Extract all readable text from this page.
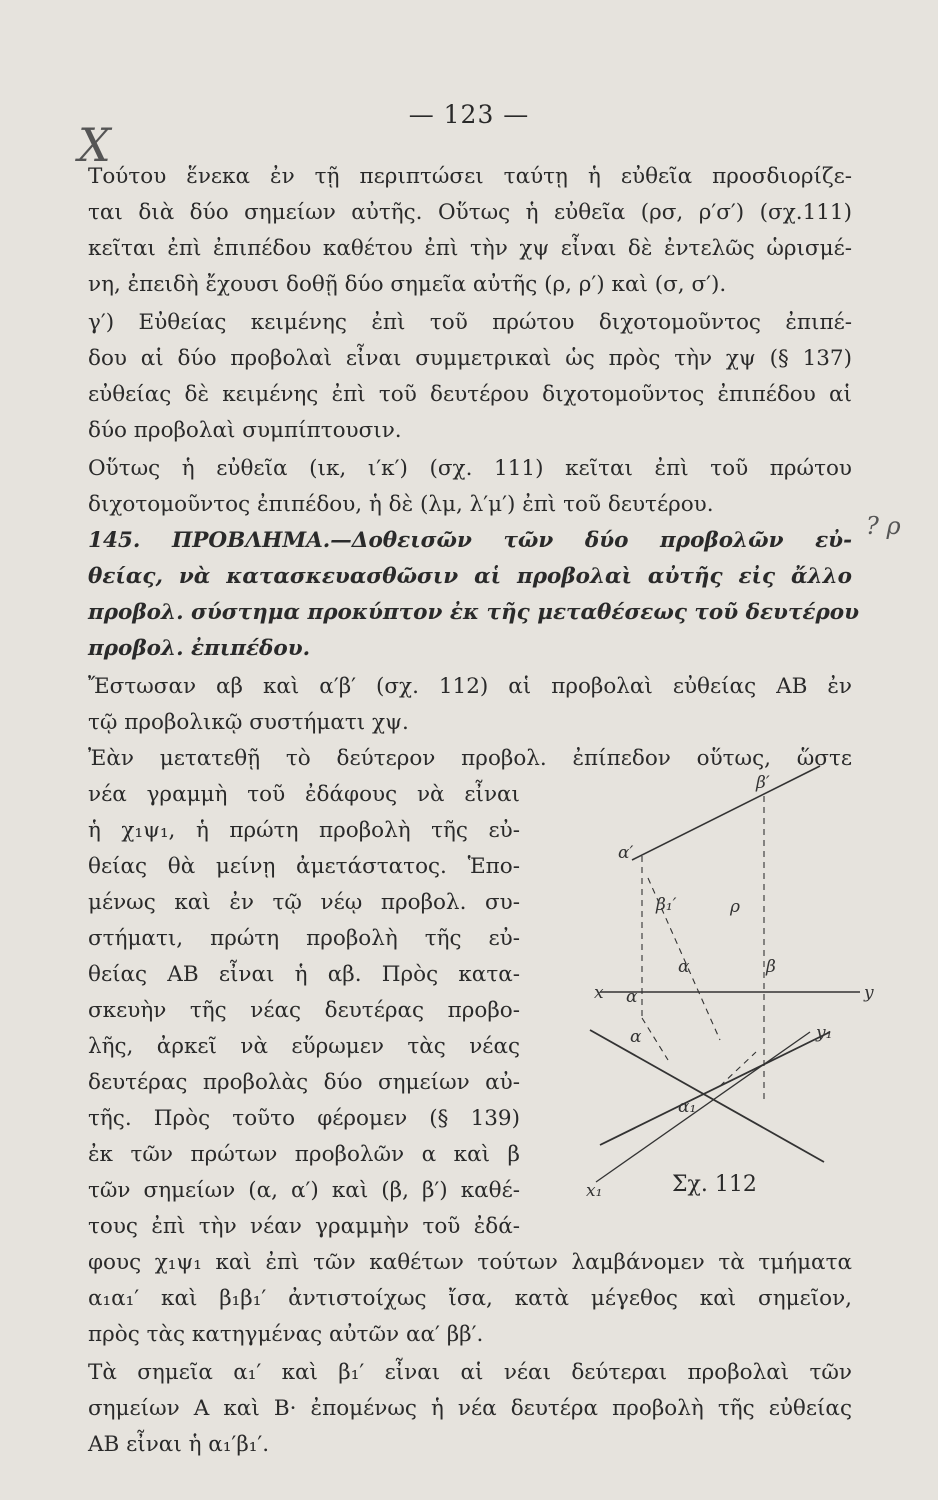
— 123 —
Χ
? ρ
Τούτου ἕνεκα ἐν τῇ περιπτώσει ταύτῃ ἡ εὐθεῖα προσδιορίζε-
ται διὰ δύο σημείων αὐτῆς. Οὕτως ἡ εὐθεῖα (ρσ, ρ′σ′) (σχ.111)
κεῖται ἐπὶ ἐπιπέδου καθέτου ἐπὶ τὴν χψ εἶναι δὲ ἐντελῶς ὡρισμέ-
νη, ἐπειδὴ ἔχουσι δοθῇ δύο σημεῖα αὐτῆς (ρ, ρ′) καὶ (σ, σ′).
γ′) Εὐθείας κειμένης ἐπὶ τοῦ πρώτου διχοτομοῦντος ἐπιπέ-
δου αἱ δύο προβολαὶ εἶναι συμμετρικαὶ ὡς πρὸς τὴν χψ (§ 137)
εὐθείας δὲ κειμένης ἐπὶ τοῦ δευτέρου διχοτομοῦντος ἐπιπέδου αἱ
δύο προβολαὶ συμπίπτουσιν.
Οὕτως ἡ εὐθεῖα (ικ, ι′κ′) (σχ. 111) κεῖται ἐπὶ τοῦ πρώτου
διχοτομοῦντος ἐπιπέδου, ἡ δὲ (λμ, λ′μ′) ἐπὶ τοῦ δευτέρου.
145. ΠΡΟΒΛΗΜΑ.—Δοθεισῶν τῶν δύο προβολῶν εὐ-
θείας, νὰ κατασκευασθῶσιν αἱ προβολαὶ αὐτῆς εἰς ἄλλο
προβολ. σύστημα προκύπτον ἐκ τῆς μεταθέσεως τοῦ δευτέρου
προβολ. ἐπιπέδου.
Ἔστωσαν αβ καὶ α′β′ (σχ. 112) αἱ προβολαὶ εὐθείας ΑΒ ἐν
τῷ προβολικῷ συστήματι χψ.
Ἐὰν μετατεθῇ τὸ δεύτερον προβολ. ἐπίπεδον οὕτως, ὥστε
νέα γραμμὴ τοῦ ἐδάφους νὰ εἶναι
ἡ χ₁ψ₁, ἡ πρώτη προβολὴ τῆς εὐ-
θείας θὰ μείνῃ ἀμετάστατος. Ἑπο-
μένως καὶ ἐν τῷ νέῳ προβολ. συ-
στήματι, πρώτη προβολὴ τῆς εὐ-
θείας ΑΒ εἶναι ἡ αβ. Πρὸς κατα-
σκευὴν τῆς νέας δευτέρας προβο-
λῆς, ἀρκεῖ νὰ εὕρωμεν τὰς νέας
δευτέρας προβολὰς δύο σημείων αὐ-
τῆς. Πρὸς τοῦτο φέρομεν (§ 139)
ἐκ τῶν πρώτων προβολῶν α καὶ β
τῶν σημείων (α, α′) καὶ (β, β′) καθέ-
τους ἐπὶ τὴν νέαν γραμμὴν τοῦ ἐδά-
φους χ₁ψ₁ καὶ ἐπὶ τῶν καθέτων τούτων λαμβάνομεν τὰ τμήματα
α₁α₁′ καὶ β₁β₁′ ἀντιστοίχως ἴσα, κατὰ μέγεθος καὶ σημεῖον,
πρὸς τὰς κατηγμένας αὐτῶν αα′ ββ′.
Τὰ σημεῖα α₁′ καὶ β₁′ εἶναι αἱ νέαι δεύτεραι προβολαὶ τῶν
σημείων Α καὶ Β· ἐπομένως ἡ νέα δευτέρα προβολὴ τῆς εὐθείας
ΑΒ εἶναι ἡ α₁′β₁′.
β′
α′
β₁′	ρ
α	β
x α	y
y₁
α
α₁
x₁	Σχ. 112
